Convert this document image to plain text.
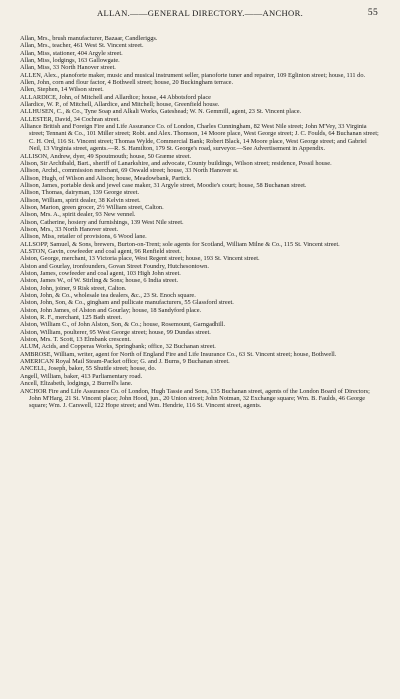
ALLAN.——GENERAL DIRECTORY.——ANCHOR.	55

Allan, Mrs., brush manufacturer, Bazaar, Candleriggs.

Allan, Mrs., teacher, 461 West St. Vincent street.

Allan, Miss, stationer, 404 Argyle street.

Allan, Miss, lodgings, 163 Gallowgate.

Allan, Miss, 33 North Hanover street.

ALLEN, Alex., pianoforte maker, music and musical instrument seller, pianoforte tuner and repairer, 109 Eglinton street; house, 111 do.

Allen, John, corn and flour factor, 4 Bothwell street; house, 20 Buckingham terrace.

Allen, Stephen, 14 Wilson street.

ALLARDICE, John, of Mitchell and Allardice; house, 44 Abbotsford place

Allardice, W. P., of Mitchell, Allardice, and Mitchell; house, Greenfield house.

ALLHUSEN, C., & Co., Tyne Soap and Alkali Works, Gateshead; W. N. Gemmill, agent, 23 St. Vincent place.

ALLESTER, David, 34 Cochran street.

Alliance British and Foreign Fire and Life Assurance Co. of London, Charles Cunningham, 82 West Nile street; John M'Vey, 33 Virginia street; Tennant & Co., 101 Miller street; Robt. and Alex. Thomson, 14 Moore place, West George street; J. C. Foulds, 64 Buchanan street; C. H. Ord, 116 St. Vincent street; Thomas Wylde, Commercial Bank; Robert Black, 14 Moore place, West George street; and Gabriel Neil, 13 Virginia street, agents.—R. S. Hamilton, 179 St. George's road, surveyor.—See Advertisement in Appendix.

ALLISON, Andrew, dyer, 49 Spoutmouth; house, 50 Græme street.

Alison, Sir Archibald, Bart., sheriff of Lanarkshire, and advocate, County buildings, Wilson street; residence, Possil house.

Allison, Archd., commission merchant, 69 Oswald street; house, 33 North Hanover st.

Allison, Hugh, of Wilson and Alison; house, Meadowbank, Partick.

Allison, James, portable desk and jewel case maker, 31 Argyle street, Moodie's court; house, 58 Buchanan street.

Allison, Thomas, dairyman, 139 George street.

Allison, William, spirit dealer, 38 Kelvin street.

Alison, Marion, green grocer, 2½ William street, Calton.

Alison, Mrs. A., spirit dealer, 93 New vennel.

Alison, Catherine, hosiery and furnishings, 139 West Nile street.

Alison, Mrs., 33 North Hanover street.

Allison, Miss, retailer of provisions, 6 Wood lane.

ALLSOPP, Samuel, & Sons, brewers, Burton-on-Trent; sole agents for Scotland, William Milne & Co., 115 St. Vincent street.

ALSTON, Gavin, cowfeeder and coal agent, 96 Renfield street.

Alston, George, merchant, 13 Victoria place, West Regent street; house, 193 St. Vincent street.

Alston and Gourlay, ironfounders, Govan Street Foundry, Hutchesontown.

Alston, James, cowfeeder and coal agent, 103 High John street.

Alston, James W., of W. Stirling & Sons; house, 6 India street.

Alston, John, joiner, 9 Risk street, Calton.

Alston, John, & Co., wholesale tea dealers, &c., 23 St. Enoch square.

Alston, John, Son, & Co., gingham and pullicate manufacturers, 55 Glassford street.

Alston, John James, of Alston and Gourlay; house, 18 Sandyford place.

Alston, R. F., merchant, 125 Bath street.

Alston, William C., of John Alston, Son, & Co.; house, Rosemount, Garngadhill.

Alston, William, poulterer, 95 West George street; house, 99 Dundas street.

Alston, Mrs. T. Scott, 13 Elmbank crescent.

ALUM, Acids, and Copperas Works, Springbank; office, 32 Buchanan street.

AMBROSE, William, writer, agent for North of England Fire and Life Insurance Co., 63 St. Vincent street; house, Bothwell.

AMERICAN Royal Mail Steam-Packet office; G. and J. Burns, 9 Buchanan street.

ANCELL, Joseph, baker, 55 Shuttle street; house, do.

Angell, William, baker, 413 Parliamentary road.

Ancell, Elizabeth, lodgings, 2 Burrell's lane.

ANCHOR Fire and Life Assurance Co. of London, Hugh Tassie and Sons, 135 Buchanan street, agents of the London Board of Directors; John M'Harg, 21 St. Vincent place; John Hood, jun., 20 Union street; John Notman, 32 Exchange square; Wm. B. Faulds, 46 George square; Wm. J. Carswell, 122 Hope street; and Wm. Hendrie, 116 St. Vincent street, agents.
